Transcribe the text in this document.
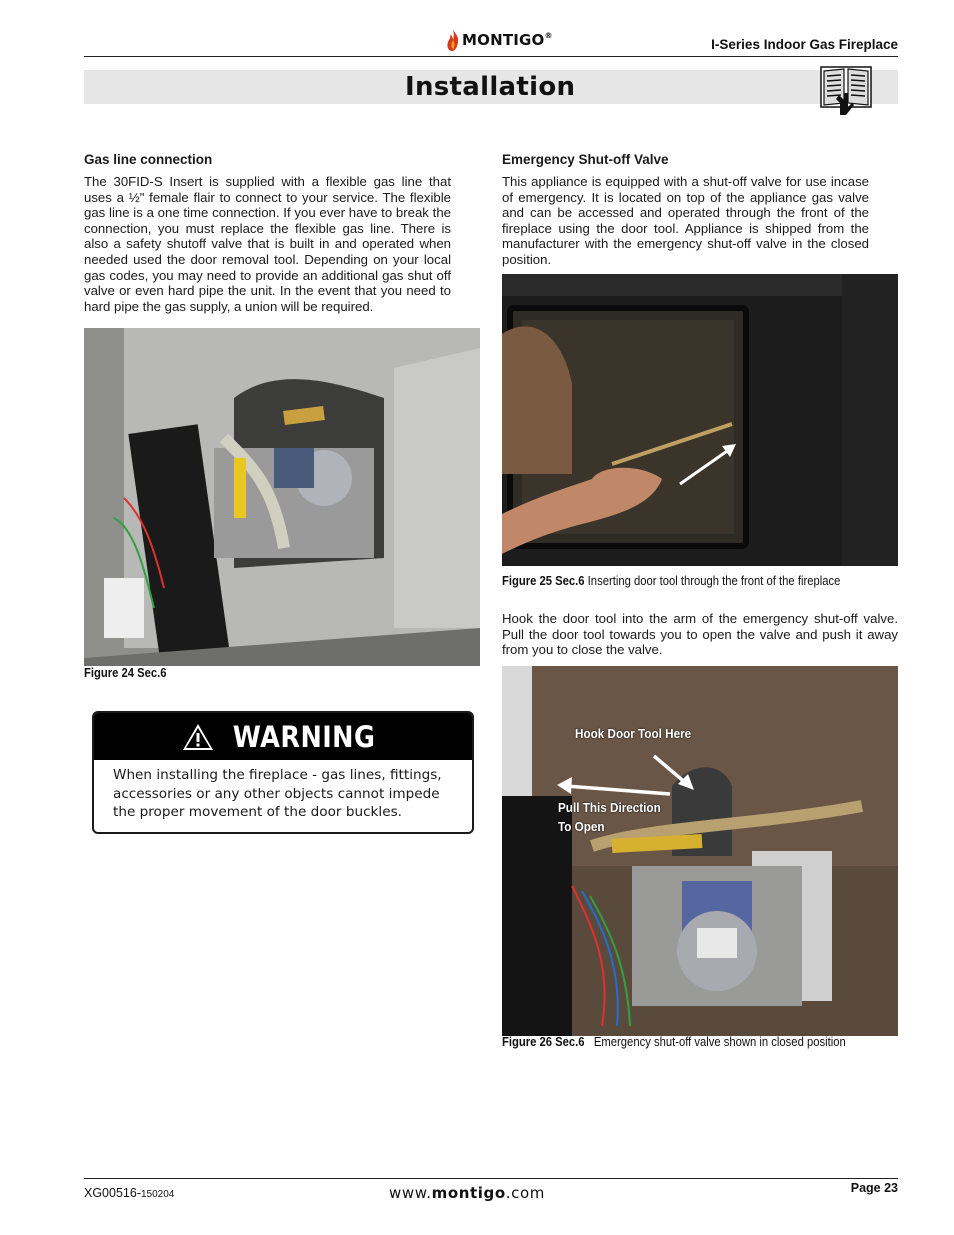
MONTIGO®
I-Series Indoor Gas Fireplace
Installation
Gas line connection
The 30FID-S Insert is supplied with a flexible gas line that uses a ½" female flair to connect to your service. The flexible gas line is a one time connection. If you ever have to break the connection, you must replace the flexible gas line. There is also a safety shutoff valve that is built in and operated when needed used the door removal tool. Depending on your local gas codes, you may need to provide an additional gas shut off valve or even hard pipe the unit. In the event that you need to hard pipe the gas supply, a union will be required.
Figure 24 Sec.6
WARNING
When installing the fireplace - gas lines, fittings, accessories or any other objects cannot impede the proper movement of the door buckles.
Emergency Shut-off Valve
This appliance is equipped with a shut-off valve for use incase of emergency. It is located on top of the appliance gas valve and can be accessed and operated through the front of the fireplace using the door tool. Appliance is shipped from the manufacturer with the emergency shut-off valve in the closed position.
Figure 25 Sec.6 Inserting door tool through the front of the fireplace
Hook the door tool into the arm of the emergency shut-off valve. Pull the door tool towards you to open the valve and push it away from you to close the valve.
Hook Door Tool Here
Pull This Direction
To Open
Figure 26 Sec.6 Emergency shut-off valve shown in closed position
XG00516-150204	www.montigo.com	Page 23
